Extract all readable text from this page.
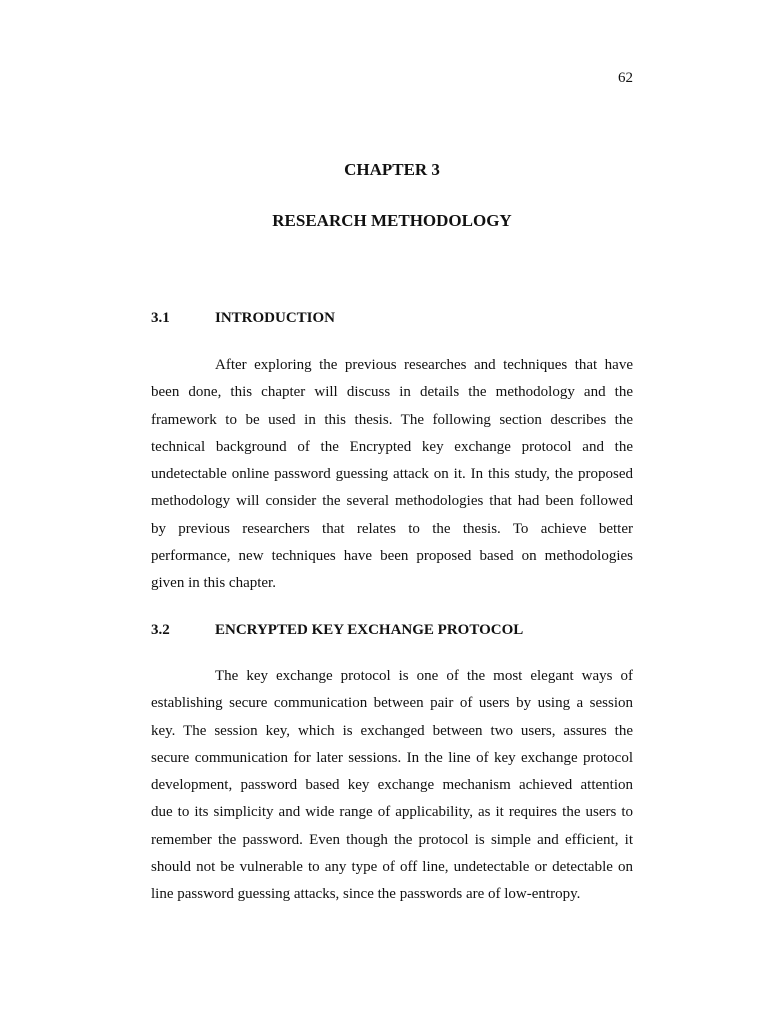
62
CHAPTER 3
RESEARCH METHODOLOGY
3.1	INTRODUCTION
After exploring the previous researches and techniques that have
been done, this chapter will discuss in details the methodology and the
framework to be used in this thesis. The following section describes the
technical background of the Encrypted key exchange protocol and the
undetectable online password guessing attack on it. In this study, the proposed
methodology will consider the several methodologies that had been followed
by previous researchers that relates to the thesis. To achieve better
performance, new techniques have been proposed based on methodologies
given in this chapter.
3.2	ENCRYPTED KEY EXCHANGE PROTOCOL
The key exchange protocol is one of the most elegant ways of
establishing secure communication between pair of users by using a session
key. The session key, which is exchanged between two users, assures the
secure communication for later sessions. In the line of key exchange protocol
development, password based key exchange mechanism achieved attention
due to its simplicity and wide range of applicability, as it requires the users to
remember the password. Even though the protocol is simple and efficient, it
should not be vulnerable to any type of off line, undetectable or detectable on
line password guessing attacks, since the passwords are of low-entropy.
